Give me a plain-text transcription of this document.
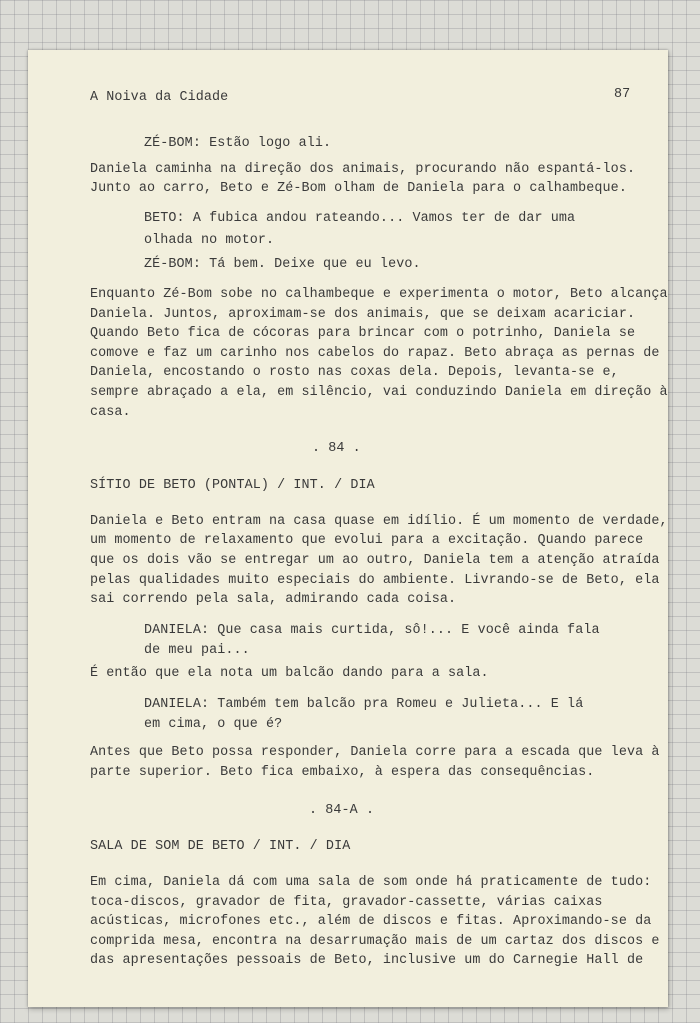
A Noiva da Cidade	87
ZÉ-BOM: Estão logo ali.
Daniela caminha na direção dos animais, procurando não espantá-los.
Junto ao carro, Beto e Zé-Bom olham de Daniela para o calhambeque.
BETO: A fubica andou rateando... Vamos ter de dar uma
olhada no motor.
ZÉ-BOM: Tá bem. Deixe que eu levo.
Enquanto Zé-Bom sobe no calhambeque e experimenta o motor, Beto alcança
Daniela. Juntos, aproximam-se dos animais, que se deixam acariciar.
Quando Beto fica de cócoras para brincar com o potrinho, Daniela se
comove e faz um carinho nos cabelos do rapaz. Beto abraça as pernas de
Daniela, encostando o rosto nas coxas dela. Depois, levanta-se e,
sempre abraçado a ela, em silêncio, vai conduzindo Daniela em direção à
casa.
. 84 .
SÍTIO DE BETO (PONTAL) / INT. / DIA
Daniela e Beto entram na casa quase em idílio. É um momento de verdade,
um momento de relaxamento que evolui para a excitação. Quando parece
que os dois vão se entregar um ao outro, Daniela tem a atenção atraída
pelas qualidades muito especiais do ambiente. Livrando-se de Beto, ela
sai correndo pela sala, admirando cada coisa.
DANIELA: Que casa mais curtida, sô!... E você ainda fala
de meu pai...
É então que ela nota um balcão dando para a sala.
DANIELA: Também tem balcão pra Romeu e Julieta... E lá
em cima, o que é?
Antes que Beto possa responder, Daniela corre para a escada que leva à
parte superior. Beto fica embaixo, à espera das consequências.
. 84-A .
SALA DE SOM DE BETO / INT. / DIA
Em cima, Daniela dá com uma sala de som onde há praticamente de tudo:
toca-discos, gravador de fita, gravador-cassette, várias caixas
acústicas, microfones etc., além de discos e fitas. Aproximando-se da
comprida mesa, encontra na desarrumação mais de um cartaz dos discos e
das apresentações pessoais de Beto, inclusive um do Carnegie Hall de
